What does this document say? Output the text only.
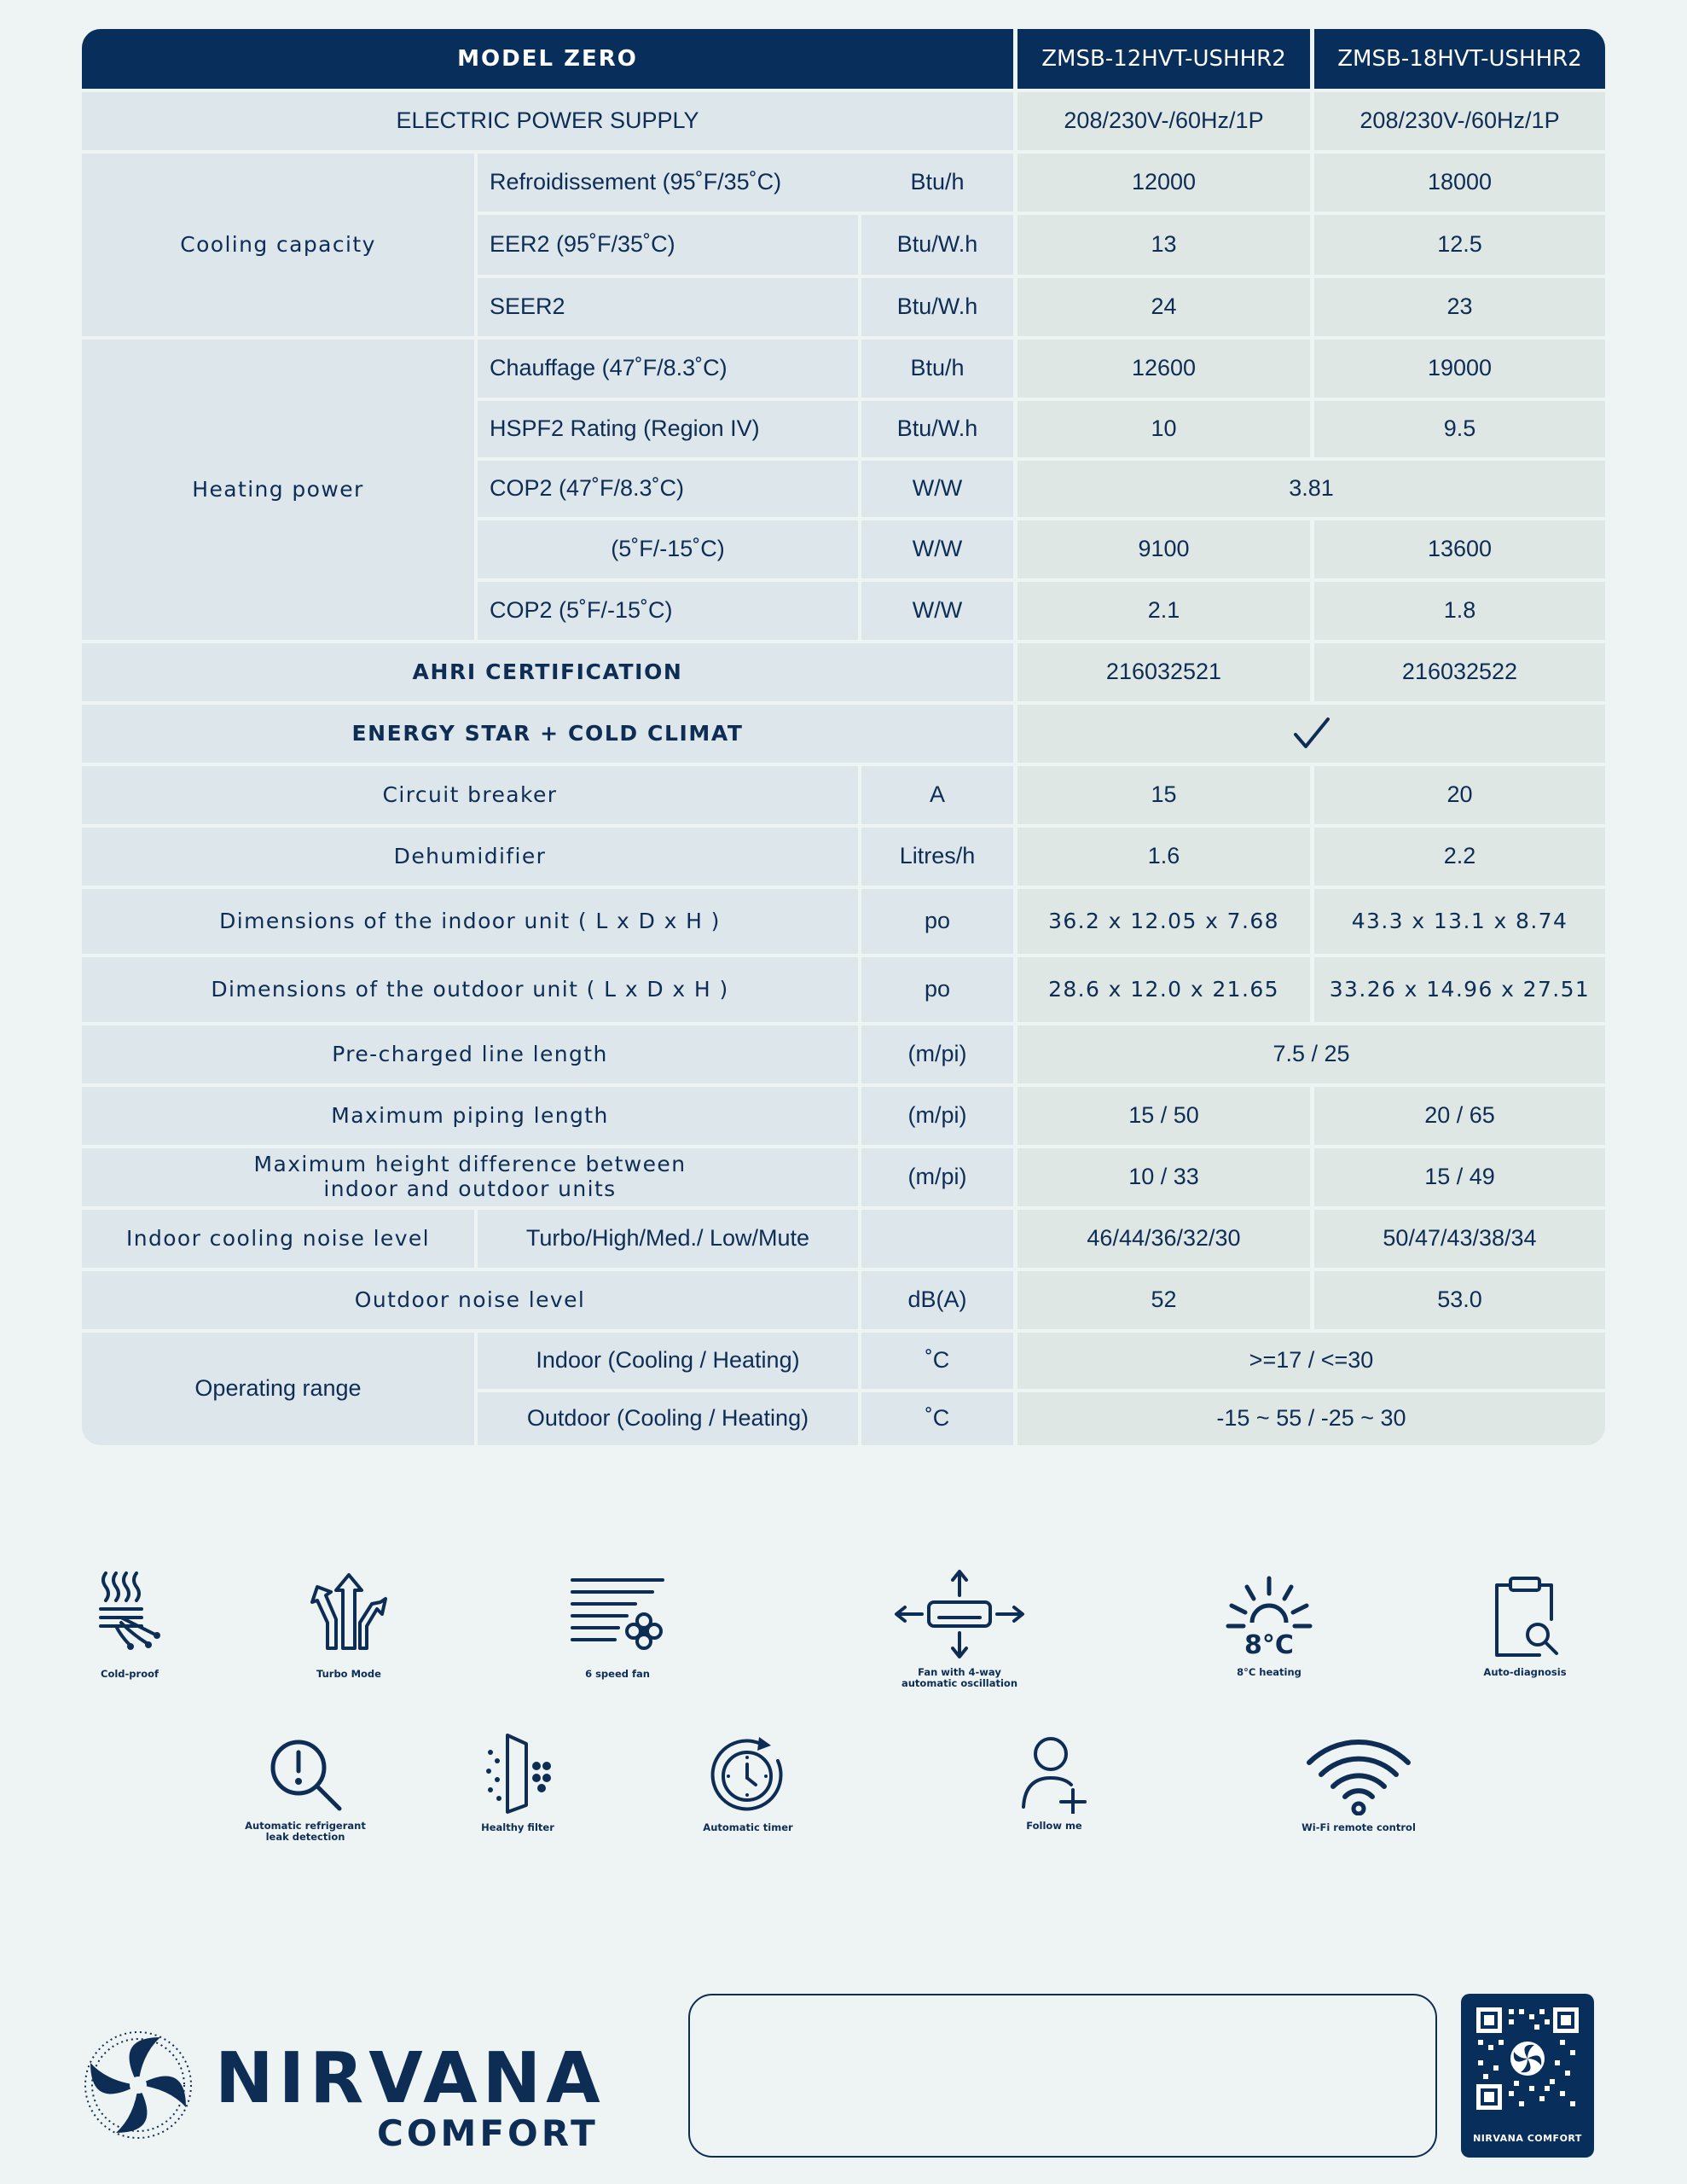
MODEL ZERO	ZMSB-12HVT-USHHR2	ZMSB-18HVT-USHHR2
ELECTRIC POWER SUPPLY	208/230V-/60Hz/1P	208/230V-/60Hz/1P
Cooling capacity
Refroidissement (95˚F/35˚C)	Btu/h	12000	18000
EER2 (95˚F/35˚C)	Btu/W.h	13	12.5
SEER2	Btu/W.h	24	23
Heating power
Chauffage (47˚F/8.3˚C)	Btu/h	12600	19000
HSPF2 Rating (Region IV)	Btu/W.h	10	9.5
COP2 (47˚F/8.3˚C)	W/W	3.81
(5˚F/-15˚C)	W/W	9100	13600
COP2 (5˚F/-15˚C)	W/W	2.1	1.8
AHRI CERTIFICATION	216032521	216032522
ENERGY STAR + COLD CLIMAT
Circuit breaker	A	15	20
Dehumidifier	Litres/h	1.6	2.2
Dimensions of the indoor unit ( L x D x H )	po	36.2 x 12.05 x 7.68	43.3 x 13.1 x 8.74
Dimensions of the outdoor unit ( L x D x H )	po	28.6 x 12.0 x 21.65	33.26 x 14.96 x 27.51
Pre-charged line length	(m/pi)	7.5 / 25
Maximum piping length	(m/pi)	15 / 50	20 / 65
Maximum height difference between
indoor and outdoor units	(m/pi)	10 / 33	15 / 49
Indoor cooling noise level	Turbo/High/Med./ Low/Mute	46/44/36/32/30	50/47/43/38/34
Outdoor noise level	dB(A)	52	53.0
Operating range
Indoor (Cooling / Heating)	˚C	>=17 / <=30
Outdoor (Cooling / Heating)	˚C	-15 ~ 55 / -25 ~ 30
Cold-proof	Turbo Mode	6 speed fan	Fan with 4-way
automatic oscillation
8°C
8°C heating	Auto-diagnosis
Automatic refrigerant
leak detection
Healthy filter	Automatic timer	Follow me	Wi-Fi remote control
NIRVANA
COMFORT	NIRVANA COMFORT
